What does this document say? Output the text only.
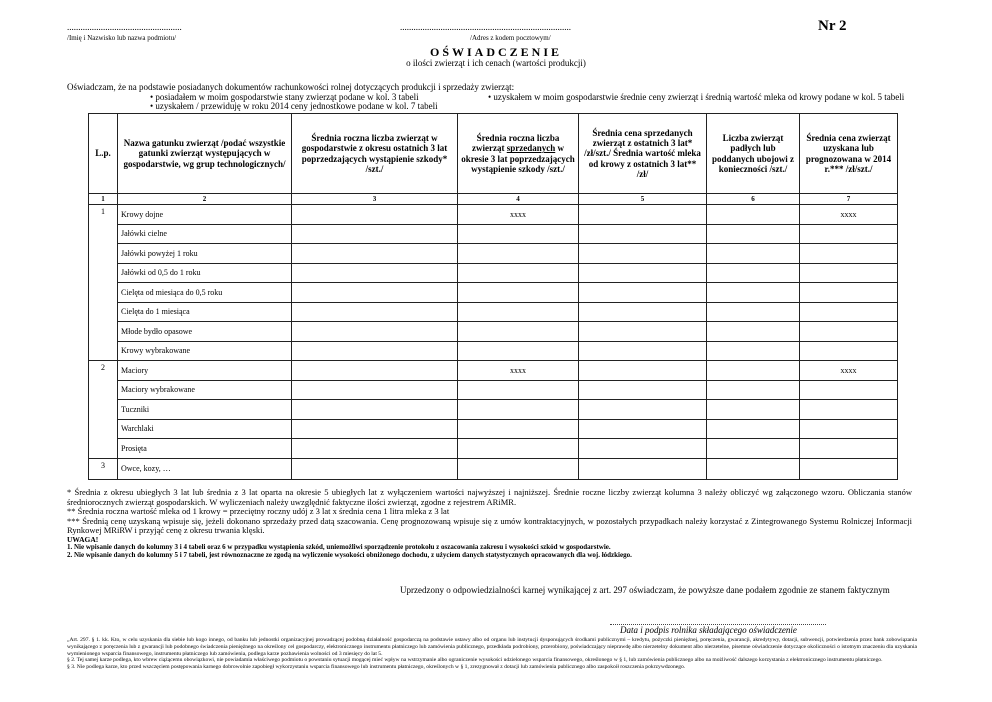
...................................................
/Imię i Nazwisko lub nazwa podmiotu/
............................................................................
/Adres z kodem pocztowym/
Nr 2
OŚWIADCZENIE
o ilości zwierząt i ich cenach (wartości produkcji)
Oświadczam, że na podstawie posiadanych dokumentów rachunkowości rolnej dotyczących produkcji i sprzedaży zwierząt:
• posiadałem w moim gospodarstwie stany zwierząt podane w kol. 3 tabeli	• uzyskałem w moim gospodarstwie średnie ceny zwierząt i średnią wartość mleka od krowy podane w kol. 5 tabeli
• uzyskałem / przewiduję w roku 2014 ceny jednostkowe podane w kol. 7 tabeli
L.p.	Nazwa gatunku zwierząt /podać wszystkie gatunki zwierząt występujących w gospodarstwie, wg grup technologicznych/	Średnia roczna liczba zwierząt w gospodarstwie z okresu ostatnich 3 lat poprzedzających wystąpienie szkody* /szt./	Średnia roczna liczba zwierząt sprzedanych w okresie 3 lat poprzedzających wystąpienie szkody /szt./	Średnia cena sprzedanych zwierząt z ostatnich 3 lat* /zł/szt./ Średnia wartość mleka od krowy z ostatnich 3 lat** /zł/	Liczba zwierząt padłych lub poddanych ubojowi z konieczności /szt./	Średnia cena zwierząt uzyskana lub prognozowana w 2014 r.*** /zł/szt./
1	2	3	4	5	6	7
1	Krowy dojne		xxxx			xxxx
	Jałówki cielne					
	Jałówki powyżej 1 roku					
	Jałówki od 0,5 do 1 roku					
	Cielęta od miesiąca do 0,5 roku					
	Cielęta do 1 miesiąca					
	Młode bydło opasowe					
	Krowy wybrakowane					
2	Maciory		xxxx			xxxx
	Maciory wybrakowane					
	Tuczniki					
	Warchlaki					
	Prosięta					
3	Owce, kozy, …					
* Średnia z okresu ubiegłych 3 lat lub średnia z 3 lat oparta na okresie 5 ubiegłych lat z wyłączeniem wartości najwyższej i najniższej. Średnie roczne liczby zwierząt kolumna 3 należy obliczyć wg załączonego wzoru. Obliczania stanów średniorocznych zwierząt gospodarskich. W wyliczeniach należy uwzględnić faktyczne ilości zwierząt, zgodne z rejestrem ARiMR.
** Średnia roczna wartość mleka od 1 krowy = przeciętny roczny udój z 3 lat x średnia cena 1 litra mleka z 3 lat
*** Średnią cenę uzyskaną wpisuje się, jeżeli dokonano sprzedaży przed datą szacowania. Cenę prognozowaną wpisuje się z umów kontraktacyjnych, w pozostałych przypadkach należy korzystać z Zintegrowanego Systemu Rolniczej Informacji Rynkowej MRiRW i przyjąć cenę z okresu trwania klęski.
UWAGA!
1. Nie wpisanie danych do kolumny 3 i 4 tabeli oraz 6 w przypadku wystąpienia szkód, uniemożliwi sporządzenie protokołu z oszacowania zakresu i wysokości szkód w gospodarstwie.
2. Nie wpisanie danych do kolumny 5 i 7 tabeli, jest równoznaczne ze zgodą na wyliczenie wysokości obniżonego dochodu, z użyciem danych statystycznych opracowanych dla woj. łódzkiego.
Uprzedzony o odpowiedzialności karnej wynikającej z art. 297 oświadczam, że powyższe dane podałem zgodnie ze stanem faktycznym
Data i podpis rolnika składającego oświadczenie

„Art. 297. § 1. kk. Kto, w celu uzyskania dla siebie lub kogo innego, od banku lub jednostki organizacyjnej prowadzącej podobną działalność gospodarczą na podstawie ustawy albo od organu lub instytucji dysponujących środkami publicznymi – kredytu, pożyczki pieniężnej, poręczenia, gwarancji, akredytywy, dotacji, subwencji, potwierdzenia przez bank zobowiązania wynikającego z poręczenia lub z gwarancji lub podobnego świadczenia pieniężnego na określony cel gospodarczy, elektronicznego instrumentu płatniczego lub zamówienia publicznego, przedkłada podrobiony, przerobiony, poświadczający nieprawdę albo nierzetelny dokument albo nierzetelne, pisemne oświadczenie dotyczące okoliczności o istotnym znaczeniu dla uzyskania wymienionego wsparcia finansowego, instrumentu płatniczego lub zamówienia, podlega karze pozbawienia wolności od 3 miesięcy do lat 5.

§ 2. Tej samej karze podlega, kto wbrew ciążącemu obowiązkowi, nie powiadamia właściwego podmiotu o powstaniu sytuacji mogącej mieć wpływ na wstrzymanie albo ograniczenie wysokości udzielonego wsparcia finansowego, określonego w § 1, lub zamówienia publicznego albo na możliwość dalszego korzystania z elektronicznego instrumentu płatniczego.

§ 3. Nie podlega karze, kto przed wszczęciem postępowania karnego dobrowolnie zapobiegł wykorzystaniu wsparcia finansowego lub instrumentu płatniczego, określonych w § 1, zrezygnował z dotacji lub zamówienia publicznego albo zaspokoił roszczenia pokrzywdzonego.
